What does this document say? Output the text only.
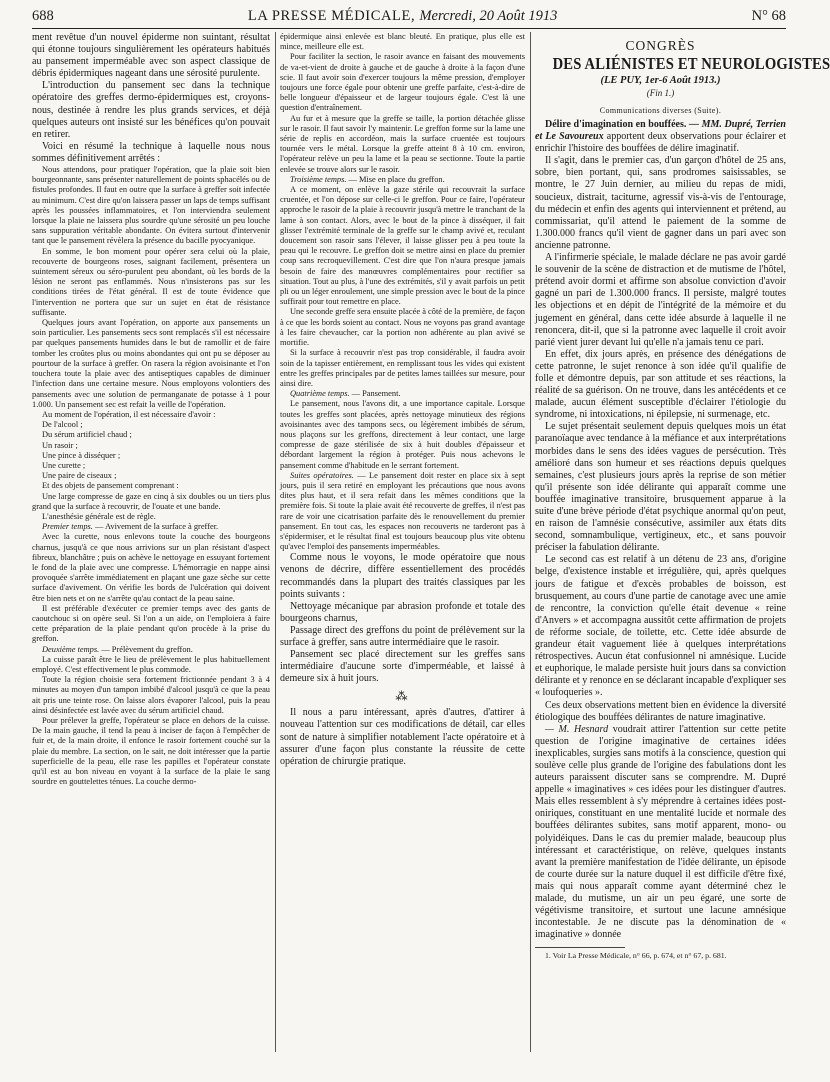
688	LA PRESSE MÉDICALE, Mercredi, 20 Août 1913	N° 68

ment revêtue d'un nouvel épiderme non suintant, résultat qui étonne toujours singulièrement les opérateurs habitués au pansement imperméable avec son aspect classique de débris épidermiques nageant dans une sérosité purulente.

L'introduction du pansement sec dans la technique opératoire des greffes dermo-épidermiques est, croyons-nous, destinée à rendre les plus grands services, et déjà quelques auteurs ont insisté sur les bénéfices qu'on pouvait en retirer.

Voici en résumé la technique à laquelle nous nous sommes définitivement arrêtés :

Nous attendons, pour pratiquer l'opération, que la plaie soit bien bourgeonnante, sans présenter naturellement de points sphacélés ou de fistules profondes. Il faut en outre que la surface à greffer soit infectée au minimum. C'est dire qu'on laissera passer un laps de temps suffisant après les poussées inflammatoires, et l'on interviendra seulement lorsque la plaie ne laissera plus sourdre qu'une sérosité un peu louche sans suppuration véritable abondante. On évitera surtout d'intervenir tant que le pansement révèlera la présence du bacille pyocyanique.

En somme, le bon moment pour opérer sera celui où la plaie, recouverte de bourgeons roses, saignant facilement, présentera un suintement séreux ou séro-purulent peu abondant, où les bords de la lésion ne seront pas enflammés. Nous n'insisterons pas sur les conditions tirées de l'état général. Il est de toute évidence que l'intervention ne portera que sur un sujet en état de résistance suffisante.

Quelques jours avant l'opération, on apporte aux pansements un soin particulier. Les pansements secs sont remplacés s'il est nécessaire par quelques pansements humides dans le but de ramollir et de faire tomber les croûtes plus ou moins abondantes qui ont pu se déposer au pourtour de la surface à greffer. On rasera la région avoisinante et l'on touchera toute la plaie avec des antiseptiques capables de diminuer l'infection dans une certaine mesure. Nous employons volontiers des pansements avec une solution de permanganate de potasse à 1 pour 1.000. Un pansement sec est refait la veille de l'opération.

Au moment de l'opération, il est nécessaire d'avoir :

De l'alcool ;
Du sérum artificiel chaud ;
Un rasoir ;
Une pince à disséquer ;
Une curette ;
Une paire de ciseaux ;
Et des objets de pansement comprenant :

Une large compresse de gaze en cinq à six doubles ou un tiers plus grand que la surface à recouvrir, de l'ouate et une bande.

L'anesthésie générale est de règle.

Premier temps. — Avivement de la surface à greffer.

Avec la curette, nous enlevons toute la couche des bourgeons charnus, jusqu'à ce que nous arrivions sur un plan résistant d'aspect fibreux, blanchâtre ; puis on achève le nettoyage en essuyant fortement le fond de la plaie avec une compresse. L'hémorragie en nappe ainsi provoquée s'arrête immédiatement en plaçant une gaze sèche sur cette surface d'avivement. On vérifie les bords de l'ulcération qui doivent être bien nets et on ne s'arrête qu'au contact de la peau saine.

Il est préférable d'exécuter ce premier temps avec des gants de caoutchouc si on opère seul. Si l'on a un aide, on l'emploiera à faire cette préparation de la plaie pendant qu'on procède à la prise du greffon.

Deuxième temps. — Prélèvement du greffon.

La cuisse paraît être le lieu de prélèvement le plus habituellement employé. C'est effectivement le plus commode.

Toute la région choisie sera fortement frictionnée pendant 3 à 4 minutes au moyen d'un tampon imbibé d'alcool jusqu'à ce que la peau ait pris une teinte rose. On laisse alors évaporer l'alcool, puis la peau ainsi désinfectée est lavée avec du sérum artificiel chaud.

Pour prélever la greffe, l'opérateur se place en dehors de la cuisse. De la main gauche, il tend la peau à inciser de façon à l'empêcher de fuir et, de la main droite, il enfonce le rasoir fortement couché sur la plaie du membre. La section, on le sait, ne doit intéresser que la partie superficielle de la peau, elle rase les papilles et l'opérateur constate qu'il est au bon niveau en voyant à la surface de la plaie le sang sourdre en gouttelettes ténues. La couche dermo-

épidermique ainsi enlevée est blanc bleuté. En pratique, plus elle est mince, meilleure elle est.

Pour faciliter la section, le rasoir avance en faisant des mouvements de va-et-vient de droite à gauche et de gauche à droite à la façon d'une scie. Il faut avoir soin d'exercer toujours la même pression, d'employer toujours une force égale pour obtenir une greffe parfaite, c'est-à-dire de belle longueur d'épaisseur et de largeur toujours égale. C'est là une question d'entraînement.

Au fur et à mesure que la greffe se taille, la portion détachée glisse sur le rasoir. Il faut savoir l'y maintenir. Le greffon forme sur la lame une série de replis en accordéon, mais la surface cruentée est toujours tournée vers le métal. Lorsque la greffe atteint 8 à 10 cm. environ, l'opérateur relève un peu la lame et la peau se sectionne. Toute la partie enlevée se trouve alors sur le rasoir.

Troisième temps. — Mise en place du greffon.

A ce moment, on enlève la gaze stérile qui recouvrait la surface cruentée, et l'on dépose sur celle-ci le greffon. Pour ce faire, l'opérateur approche le rasoir de la plaie à recouvrir jusqu'à mettre le tranchant de la lame à son contact. Alors, avec le bout de la pince à disséquer, il fait glisser l'extrémité terminale de la greffe sur le champ avivé et, reculant doucement son rasoir sans l'élever, il laisse glisser peu à peu toute la peau qui le recouvre. Le greffon doit se mettre ainsi en place du premier coup sans recroquevillement. C'est dire que l'on n'aura presque jamais besoin de faire des manœuvres complémentaires pour rectifier sa situation. Tout au plus, à l'une des extrémités, s'il y avait parfois un petit pli ou un léger enroulement, une simple pression avec le bout de la pince suffirait pour tout remettre en place.

Une seconde greffe sera ensuite placée à côté de la première, de façon à ce que les bords soient au contact. Nous ne voyons pas grand avantage à les faire chevaucher, car la portion non adhérente au plan avivé se mortifie.

Si la surface à recouvrir n'est pas trop considérable, il faudra avoir soin de la tapisser entièrement, en remplissant tous les vides qui existent entre les greffes principales par de petites lames taillées sur mesure, pour ainsi dire.

Quatrième temps. — Pansement.

Le pansement, nous l'avons dit, a une importance capitale. Lorsque toutes les greffes sont placées, après nettoyage minutieux des régions avoisinantes avec des tampons secs, ou légèrement imbibés de sérum, nous plaçons sur les greffons, directement à leur contact, une large compresse de gaze stérilisée de six à huit doubles d'épaisseur et débordant largement la région à protéger. Puis nous achevons le pansement comme d'habitude en le serrant fortement.

Suites opératoires. — Le pansement doit rester en place six à sept jours, puis il sera retiré en employant les précautions que nous avons dites plus haut, et il sera refait dans les mêmes conditions que la première fois. Si toute la plaie avait été recouverte de greffes, il n'est pas rare de voir une cicatrisation parfaite dès le renouvellement du premier pansement. En tout cas, les espaces non recouverts ne tarderont pas à s'épidermiser, et le résultat final est toujours beaucoup plus vite obtenu qu'avec l'emploi des pansements imperméables.

Comme nous le voyons, le mode opératoire que nous venons de décrire, diffère essentiellement des procédés recommandés dans la plupart des traités classiques par les points suivants :

Nettoyage mécanique par abrasion profonde et totale des bourgeons charnus,

Passage direct des greffons du point de prélèvement sur la surface à greffer, sans autre intermédiaire que le rasoir.

Pansement sec placé directement sur les greffes sans intermédiaire d'aucune sorte d'imperméable, et laissé à demeure six à huit jours.

⁂

Il nous a paru intéressant, après d'autres, d'attirer à nouveau l'attention sur ces modifications de détail, car elles sont de nature à simplifier notablement l'acte opératoire et à assurer d'une façon plus constante la réussite de cette opération de chirurgie pratique.

CONGRÈS
DES ALIÉNISTES ET NEUROLOGISTES
(LE PUY, 1er-6 Août 1913.)
(Fin 1.)
Communications diverses (Suite).

Délire d'imagination en bouffées. — MM. Dupré, Terrien et Le Savoureux apportent deux observations pour éclairer et enrichir l'histoire des bouffées de délire imaginatif.

Il s'agit, dans le premier cas, d'un garçon d'hôtel de 25 ans, sobre, bien portant, qui, sans prodromes saisissables, se montre, le 27 Juin dernier, au milieu du repas de midi, soucieux, distrait, taciturne, agressif vis-à-vis de l'entourage, du médecin et enfin des agents qui interviennent et prétend, au commissariat, qu'il attend le paiement de la somme de 1.300.000 francs qu'il vient de gagner dans un pari avec son ancienne patronne.

A l'infirmerie spéciale, le malade déclare ne pas avoir gardé le souvenir de la scène de distraction et de mutisme de l'hôtel, prétend avoir dormi et affirme son absolue conviction d'avoir gagné un pari de 1.300.000 francs. Il persiste, malgré toutes les objections et en dépit de l'intégrité de la mémoire et du jugement en général, dans cette idée absurde à laquelle il ne renoncera, dit-il, que si la patronne avec laquelle il croit avoir parié vient jurer devant lui qu'elle n'a jamais tenu ce pari.

En effet, dix jours après, en présence des dénégations de cette patronne, le sujet renonce à son idée qu'il qualifie de folle et démontre depuis, par son attitude et ses réactions, la réalité de sa guérison. On ne trouve, dans les antécédents et ce malade, aucun élément susceptible d'éclairer l'étiologie du syndrome, ni intoxications, ni épilepsie, ni surmenage, etc.

Le sujet présentait seulement depuis quelques mois un état paranoïaque avec tendance à la méfiance et aux interprétations morbides dans le sens des idées vagues de persécution. Très amélioré dans son humeur et ses réactions depuis quelques semaines, c'est plusieurs jours après la reprise de son métier qu'il présente son idée délirante qui apparaît comme une bouffée imaginative transitoire, brusquement apparue à la suite d'une brève période d'état psychique anormal qu'on peut, en raison de l'amnésie consécutive, assimiler aux états dits second, somnambulique, vertigineux, etc., et sans pouvoir préciser la fabulation délirante.

Le second cas est relatif à un détenu de 23 ans, d'origine belge, d'existence instable et irrégulière, qui, après quelques jours de fatigue et d'excès probables de boisson, est brusquement, au cours d'une partie de canotage avec une amie de rencontre, la conviction qu'elle était devenue « reine d'Anvers » et accompagna aussitôt cette affirmation de projets de réforme sociale, de toilette, etc. Cette idée absurde de grandeur était vaguement liée à quelques interprétations rétrospectives. Aucun état confusionnel ni amnésique. Lucide et euphorique, le malade persiste huit jours dans sa conviction délirante et y renonce en se déclarant incapable d'expliquer ses « loufoqueries ».

Ces deux observations mettent bien en évidence la diversité étiologique des bouffées délirantes de nature imaginative.

— M. Hesnard voudrait attirer l'attention sur cette petite question de l'origine imaginative de certaines idées inexplicables, surgies sans motifs à la conscience, question qui soulève celle plus grande de l'origine des fabulations dont les auteurs paraissent discuter sans se comprendre. M. Dupré appelle « imaginatives » ces idées pour les distinguer d'autres. Mais elles ressemblent à s'y méprendre à certaines idées post-oniriques, constituant en une mentalité lucide et normale des bouffées délirantes subites, sans motif apparent, mono- ou polyidéiques. Dans le cas du premier malade, beaucoup plus intéressant et caractéristique, on relève, quelques instants avant la première manifestation de l'idée délirante, un épisode de courte durée sur la nature duquel il est difficile d'être fixé, mais qui nous apparaît comme ayant déterminé chez le malade, du mutisme, un air un peu égaré, une sorte de végétivisme transitoire, et surtout une lacune amnésique incontestable. Je ne discute pas la dénomination de « imaginative » donnée

1. Voir La Presse Médicale, n° 66, p. 674, et n° 67, p. 681.
